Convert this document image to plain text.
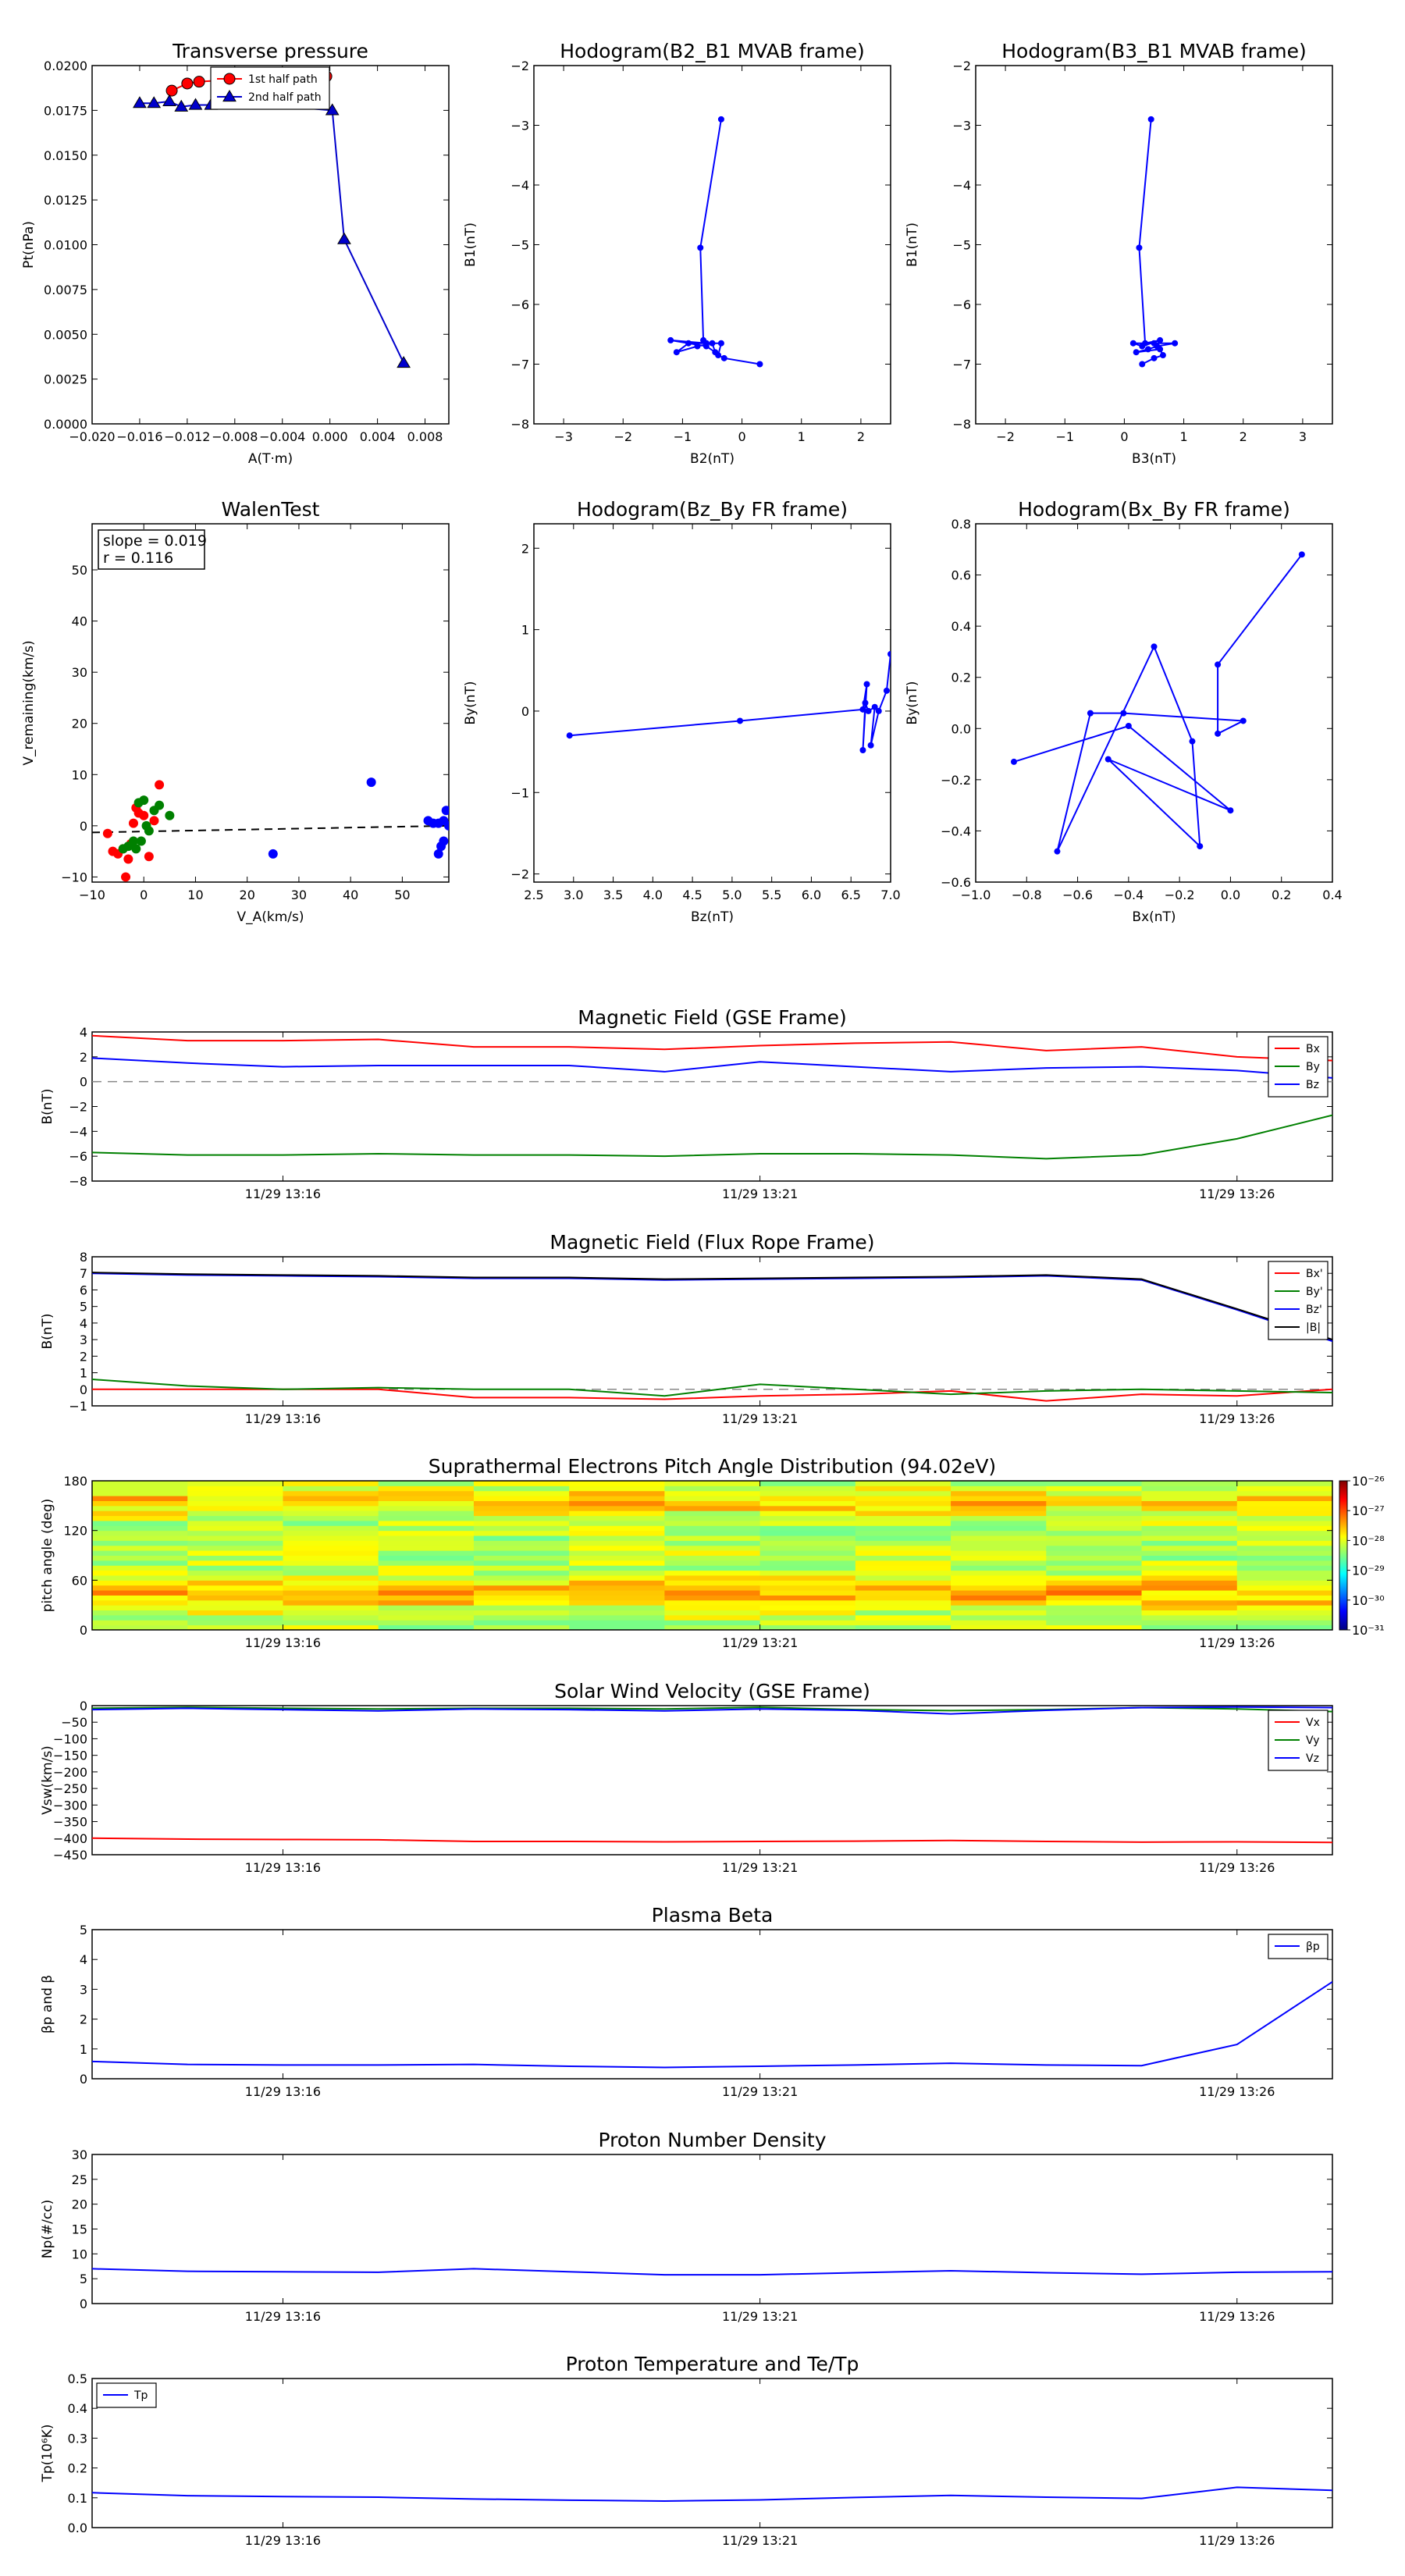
Transverse pressure
−0.020 −0.016 −0.012 −0.008 −0.004 0.000 0.004 0.008
0.0000
0.0025
0.0050
0.0075
0.0100
0.0125
0.0150
0.0175
0.0200
A(T·m)
Pt(nPa)
1st half path
2nd half path
Hodogram(B2_B1 MVAB frame)
−3	−2	−1	0	1	2
−8
−7
−6
−5
−4
−3
−2
B2(nT)
B1(nT)
Hodogram(B3_B1 MVAB frame)
−2	−1	0	1	2	3
−8
−7
−6
−5
−4
−3
−2
B3(nT)
B1(nT)
WalenTest
−10	0	10	20	30	40	50
−10
0
10
20
30
40
50
V_A(km/s)
V_remaining(km/s)
slope = 0.019
r = 0.116
Hodogram(Bz_By FR frame)
2.5 3.0 3.5 4.0 4.5 5.0 5.5 6.0 6.5 7.0
−2
−1
0
1
2
Bz(nT)
By(nT)
Hodogram(Bx_By FR frame)
−1.0 −0.8 −0.6 −0.4 −0.2 0.0 0.2 0.4
−0.6
−0.4
−0.2
0.0
0.2
0.4
0.6
0.8
Bx(nT)
By(nT)
Magnetic Field (GSE Frame)
11/29 13:16	11/29 13:21	11/29 13:26
−8
−6
−4
−2
0
2
4
B(nT)
Bx
By
Bz
Magnetic Field (Flux Rope Frame)
11/29 13:16	11/29 13:21	11/29 13:26
−1
0
1
2
3
4
5
6
7
8
B(nT)
Bx'
By'
Bz'
|B|
10⁻²⁶
10⁻²⁷
10⁻²⁸
10⁻²⁹
10⁻³⁰
10⁻³¹
Suprathermal Electrons Pitch Angle Distribution (94.02eV)
11/29 13:16	11/29 13:21	11/29 13:26
0
60
120
180
pitch angle (deg)
Solar Wind Velocity (GSE Frame)
11/29 13:16	11/29 13:21	11/29 13:26
−450
−400
−350
−300
−250
−200
−150
−100
−50
0
Vsw(km/s)
Vx
Vy
Vz
Plasma Beta
11/29 13:16	11/29 13:21	11/29 13:26
0
1
2
3
4
5
βp and β
βp
Proton Number Density
11/29 13:16	11/29 13:21	11/29 13:26
0
5
10
15
20
25
30
Np(#/cc)
Proton Temperature and Te/Tp
11/29 13:16	11/29 13:21	11/29 13:26
0.0
0.1
0.2
0.3
0.4
0.5
Tp(10⁶K)
Tp
